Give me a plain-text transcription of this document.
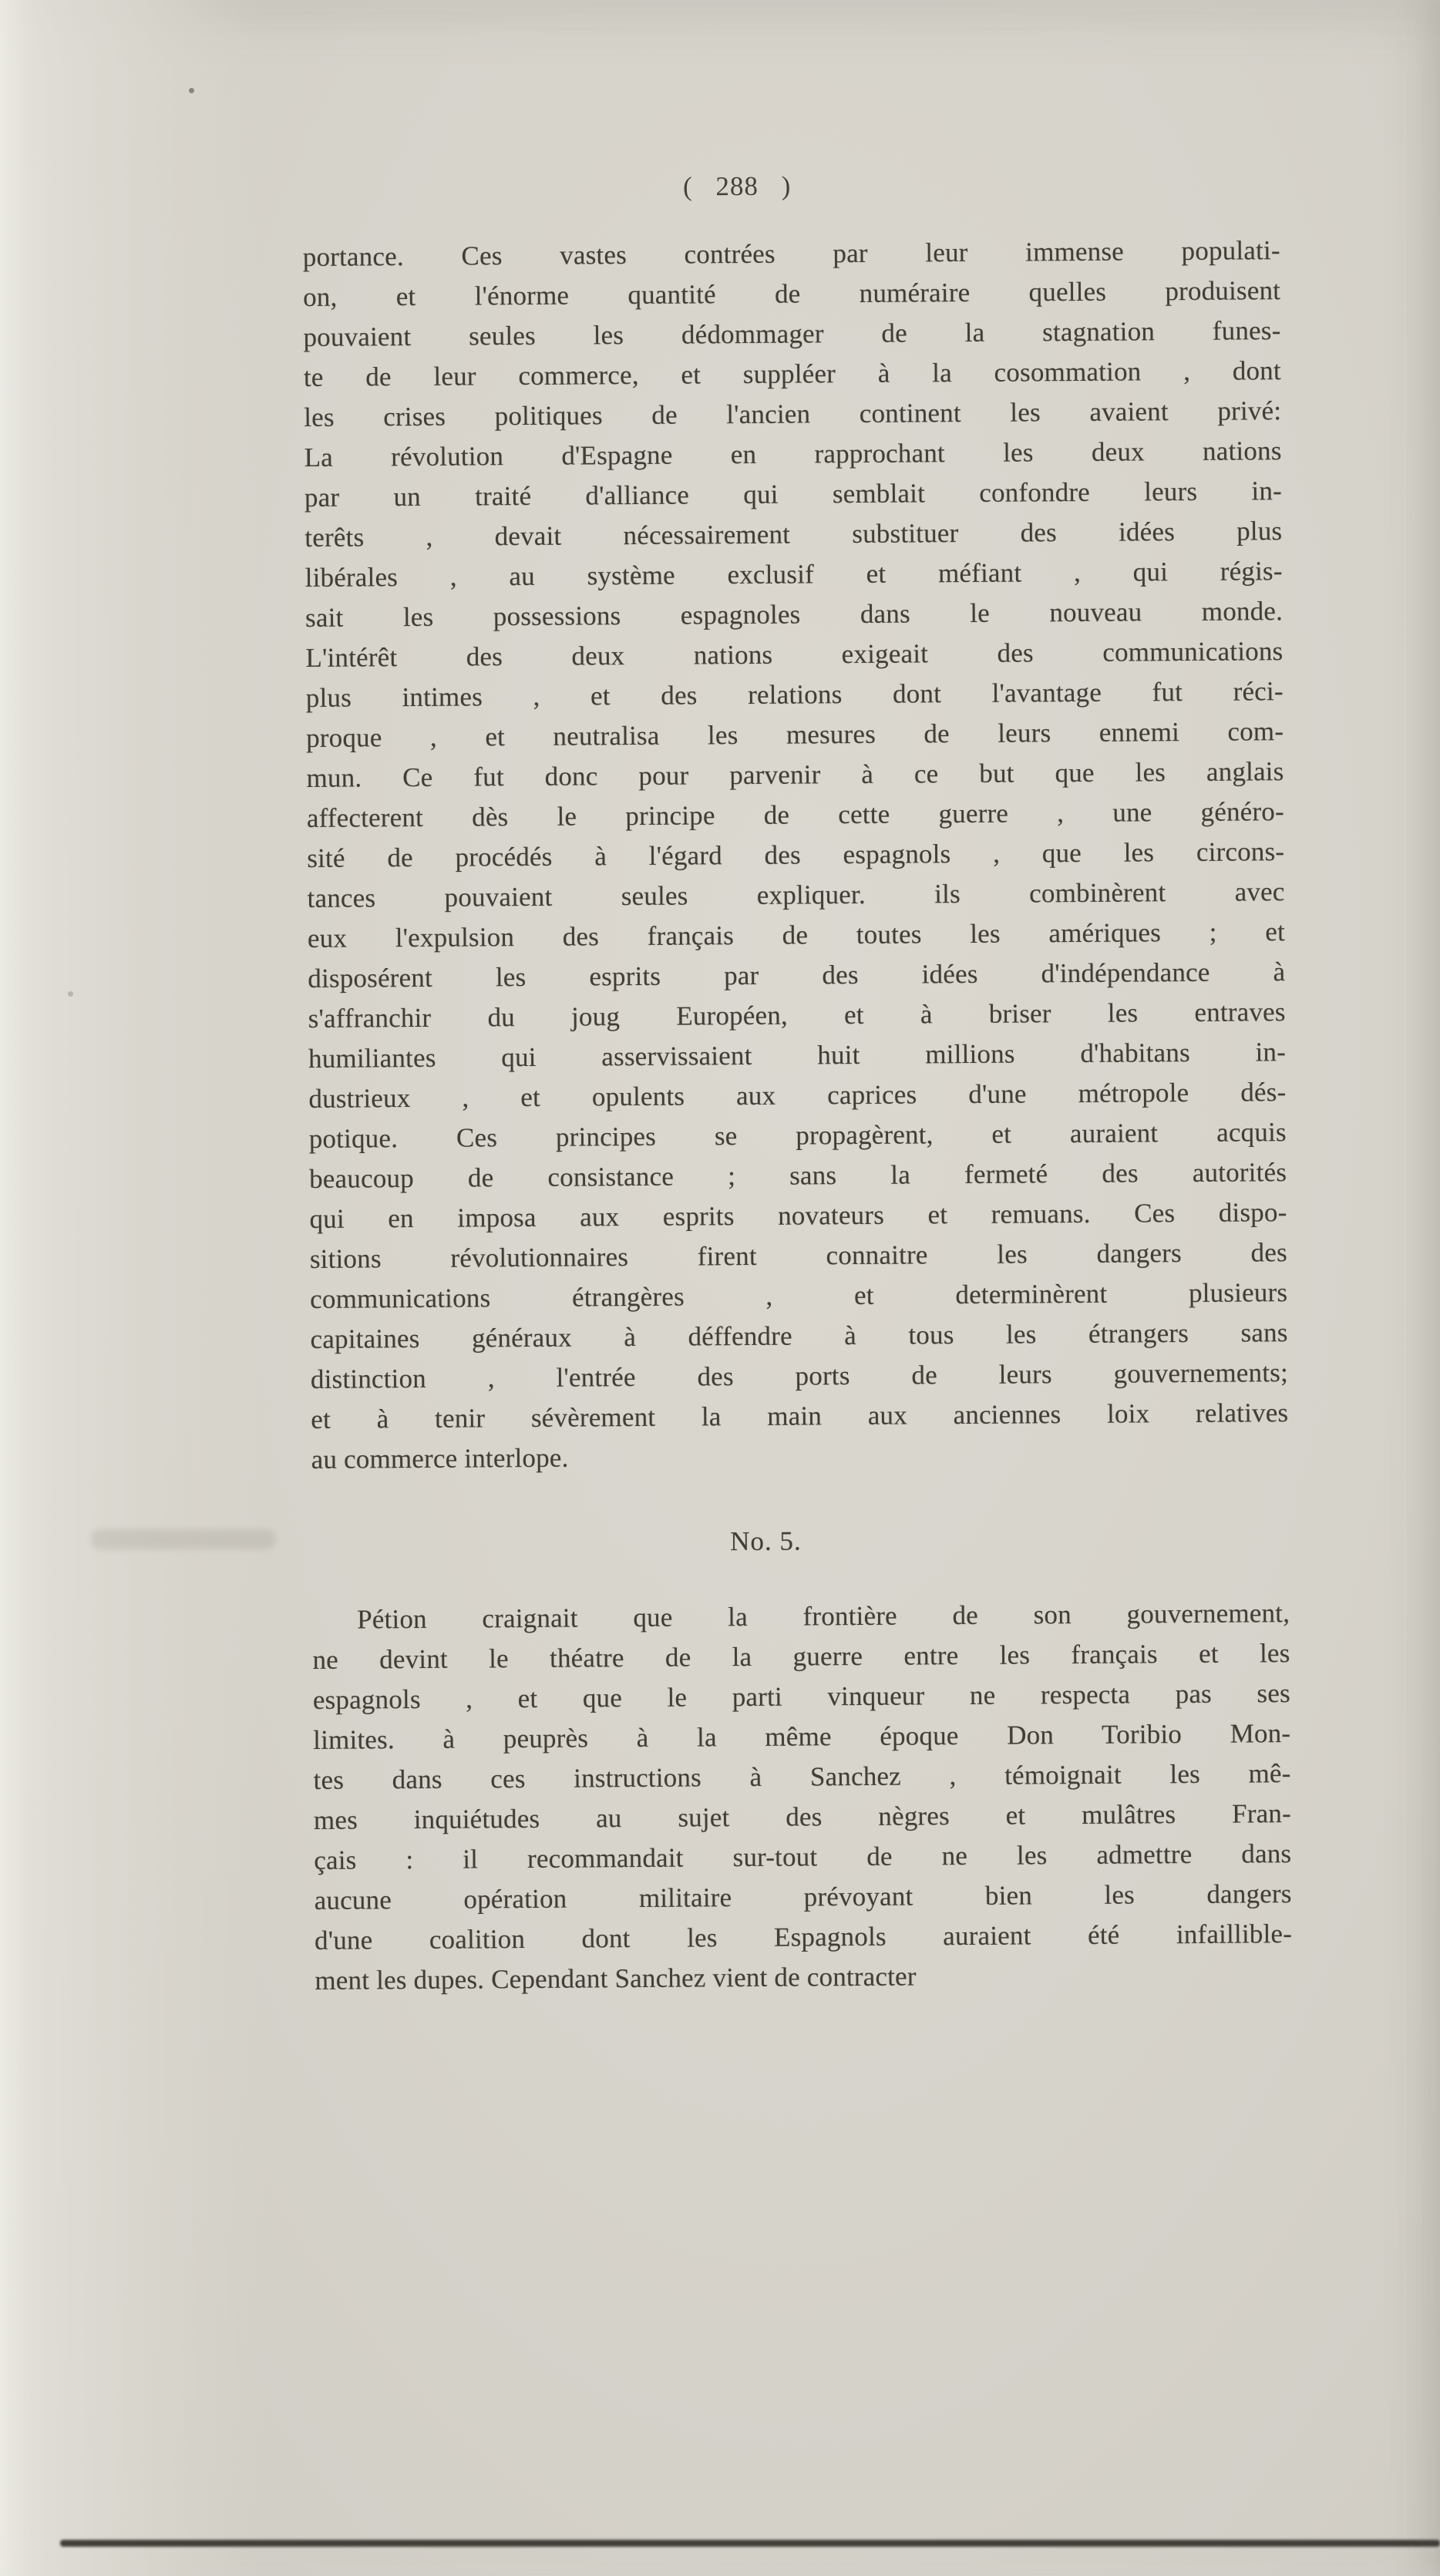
( 288 )
portance. Ces vastes contrées par leur immense populati-
on, et l'énorme quantité de numéraire quelles produisent
pouvaient seules les dédommager de la stagnation funes-
te de leur commerce, et suppléer à la cosommation , dont
les crises politiques de l'ancien continent les avaient privé:
La révolution d'Espagne en rapprochant les deux nations
par un traité d'alliance qui semblait confondre leurs in-
terêts , devait nécessairement substituer des idées plus
libérales , au système exclusif et méfiant , qui régis-
sait les possessions espagnoles dans le nouveau monde.
L'intérêt des deux nations exigeait des communications
plus intimes , et des relations dont l'avantage fut réci-
proque , et neutralisa les mesures de leurs ennemi com-
mun. Ce fut donc pour parvenir à ce but que les anglais
affecterent dès le principe de cette guerre , une généro-
sité de procédés à l'égard des espagnols , que les circons-
tances pouvaient seules expliquer. ils combinèrent avec
eux l'expulsion des français de toutes les amériques ; et
disposérent les esprits par des idées d'indépendance à
s'affranchir du joug Européen, et à briser les entraves
humiliantes qui asservissaient huit millions d'habitans in-
dustrieux , et opulents aux caprices d'une métropole dés-
potique. Ces principes se propagèrent, et auraient acquis
beaucoup de consistance ; sans la fermeté des autorités
qui en imposa aux esprits novateurs et remuans. Ces dispo-
sitions révolutionnaires firent connaitre les dangers des
communications étrangères , et determinèrent plusieurs
capitaines généraux à déffendre à tous les étrangers sans
distinction , l'entrée des ports de leurs gouvernements;
et à tenir sévèrement la main aux anciennes loix relatives
au commerce interlope.
No. 5.
Pétion craignait que la frontière de son gouvernement,
ne devint le théatre de la guerre entre les français et les
espagnols , et que le parti vinqueur ne respecta pas ses
limites. à peuprès à la même époque Don Toribio Mon-
tes dans ces instructions à Sanchez , témoignait les mê-
mes inquiétudes au sujet des nègres et mulâtres Fran-
çais : il recommandait sur-tout de ne les admettre dans
aucune opération militaire prévoyant bien les dangers
d'une coalition dont les Espagnols auraient été infaillible-
ment les dupes. Cependant Sanchez vient de contracter
